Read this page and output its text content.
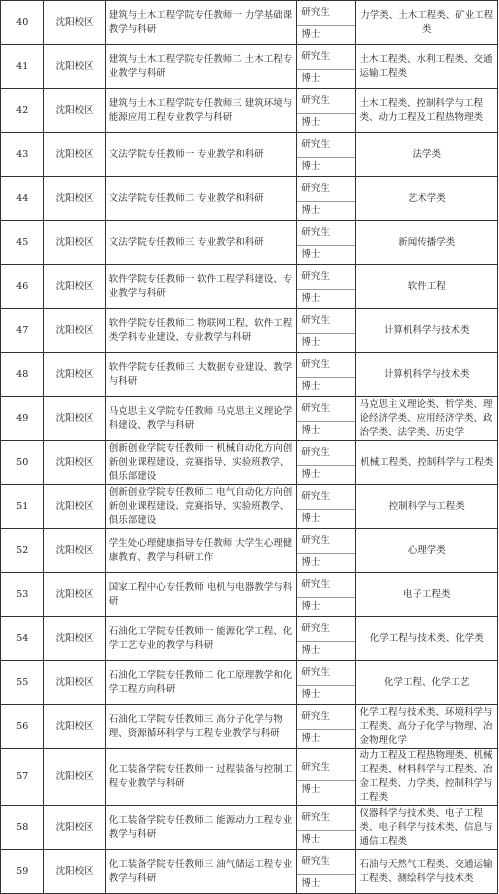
40	沈阳校区	建筑与土木工程学院专任教师一 力学基础课教学与科研	研究生
博士	力学类、土木工程类、矿业工程类
41	沈阳校区	建筑与土木工程学院专任教师二 土木工程专业教学与科研	研究生
博士	土木工程类、水利工程类、交通运输工程类
42	沈阳校区	建筑与土木工程学院专任教师三 建筑环境与能源应用工程专业教学与科研	研究生
博士	土木工程类、控制科学与工程类、动力工程及工程热物理类
43	沈阳校区	文法学院专任教师一 专业教学和科研	研究生
博士	法学类
44	沈阳校区	文法学院专任教师二 专业教学和科研	研究生
博士	艺术学类
45	沈阳校区	文法学院专任教师三 专业教学和科研	研究生
博士	新闻传播学类
46	沈阳校区	软件学院专任教师一 软件工程学科建设、专业教学与科研	研究生
博士	软件工程
47	沈阳校区	软件学院专任教师二 物联网工程、软件工程类学科专业建设、专业教学与科研	研究生
博士	计算机科学与技术类
48	沈阳校区	软件学院专任教师三 大数据专业建设、教学与科研	研究生
博士	计算机科学与技术类
49	沈阳校区	马克思主义学院专任教师 马克思主义理论学科建设、教学与科研	研究生
博士	马克思主义理论类、哲学类、理论经济学类、应用经济学类、政治学类、法学类、历史学
50	沈阳校区	创新创业学院专任教师一 机械自动化方向创新创业课程建设、竞赛指导、实验班教学、俱乐部建设	研究生
博士	机械工程类、控制科学与工程类
51	沈阳校区	创新创业学院专任教师二 电气自动化方向创新创业课程建设、竞赛指导、实验班教学、俱乐部建设	研究生
博士	控制科学与工程类
52	沈阳校区	学生处心理健康指导专任教师 大学生心理健康教育、教学与科研工作	研究生
博士	心理学类
53	沈阳校区	国家工程中心专任教师 电机与电器教学与科研	研究生
博士	电子工程类
54	沈阳校区	石油化工学院专任教师一 能源化学工程、化学工艺专业的教学与科研	研究生
博士	化学工程与技术类、化学类
55	沈阳校区	石油化工学院专任教师二 化工原理教学和化学工程方向科研	研究生
博士	化学工程、化学工艺
56	沈阳校区	石油化工学院专任教师三 高分子化学与物理、资源循环科学与工程专业教学与科研	研究生
博士	化学工程与技术类、环境科学与工程类、高分子化学与物理、冶金物理化学
57	沈阳校区	化工装备学院专任教师一 过程装备与控制工程专业教学与科研	研究生
博士	动力工程及工程热物理类、机械工程类、材料科学与工程类、冶金工程类、力学类、控制科学与工程类
58	沈阳校区	化工装备学院专任教师二 能源动力工程专业教学与科研	研究生
博士	仪器科学与技术类、电子工程类、电子科学与技术类、信息与通信工程类
59	沈阳校区	化工装备学院专任教师三 油气储运工程专业教学与科研	研究生
博士	石油与天然气工程类、交通运输工程类、测绘科学与技术类
